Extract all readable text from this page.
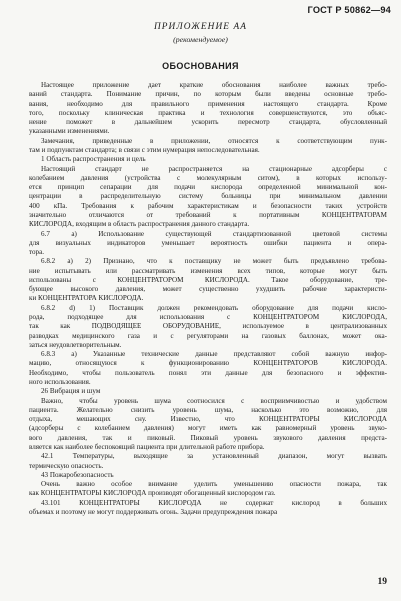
ГОСТ Р 50862—94
ПРИЛОЖЕНИЕ АА
(рекомендуемое)
ОБОСНОВАНИЯ
Настоящее приложение дает краткие обоснования наиболее важных требо-
ваний стандарта. Понимание причин, по которым были введены основные требо-
вания, необходимо для правильного применения настоящего стандарта. Кроме
того, поскольку клиническая практика и технология совершенствуются, это объяс-
нение поможет в дальнейшем ускорить пересмотр стандарта, обусловленный
указанными изменениями.
Замечания, приведенные в приложении, относятся к соответствующим пунк-
там и подпунктам стандарта; в связи с этим нумерация непоследовательная.
1 Область распространения и цель
Настоящий стандарт не распространяется на стационарные адсорберы с
колебанием давления (устройства с молекулярным ситом), в которых использу-
ется принцип сепарации для подачи кислорода определенной минимальной кон-
центрации в распределительную систему больницы при минимальном давлении
400 кПа. Требования к рабочим характеристикам и безопасности таких устройств
значительно отличаются от требований к портативным КОНЦЕНТРАТОРАМ
КИСЛОРОДА, входящим в область распространения данного стандарта.
6.7 а) Использование существующей стандартизованной цветовой системы
для визуальных индикаторов уменьшает вероятность ошибки пациента и опера-
тора.
6.8.2 а) 2) Признано, что к поставщику не может быть предъявлено требова-
ние испытывать или рассматривать изменения всех типов, которые могут быть
использованы с КОНЦЕНТРАТОРОМ КИСЛОРОДА. Такое оборудование, тре-
бующее высокого давления, может существенно ухудшить рабочие характеристи-
ки КОНЦЕНТРАТОРА КИСЛОРОДА.
6.8.2 d) 1) Поставщик должен рекомендовать оборудование для подачи кисло-
рода, подходящее для использования с КОНЦЕНТРАТОРОМ КИСЛОРОДА,
так как ПОДВОДЯЩЕЕ ОБОРУДОВАНИЕ, используемое в централизованных
разводках медицинского газа и с регуляторами на газовых баллонах, может ока-
заться неудовлетворительным.
6.8.3 а) Указанные технические данные представляют собой важную инфор-
мацию, относящуюся к функционированию КОНЦЕНТРАТОРОВ КИСЛОРОДА.
Необходимо, чтобы пользователь понял эти данные для безопасного и эффектив-
ного использования.
26 Вибрация и шум
Важно, чтобы уровень шума соотносился с восприимчивостью и удобством
пациента. Желательно снизить уровень шума, насколько это возможно, для
отдыха, мешающих сну. Известно, что КОНЦЕНТРАТОРЫ КИСЛОРОДА
(адсорберы с колебанием давления) могут иметь как равномерный уровень звуко-
вого давления, так и пиковый. Пиковый уровень звукового давления предста-
вляется как наиболее беспокоящий пациента при длительной работе прибора.
42.1 Температуры, выходящие за установленный диапазон, могут вызвать
термическую опасность.
43 Пожаробезопасность
Очень важно особое внимание уделить уменьшению опасности пожара, так
как КОНЦЕНТРАТОРЫ КИСЛОРОДА производят обогащенный кислородом газ.
43.101 КОНЦЕНТРАТОРЫ КИСЛОРОДА не содержат кислород в больших
объемах и поэтому не могут поддерживать огонь. Задачи предупреждения пожара
19
